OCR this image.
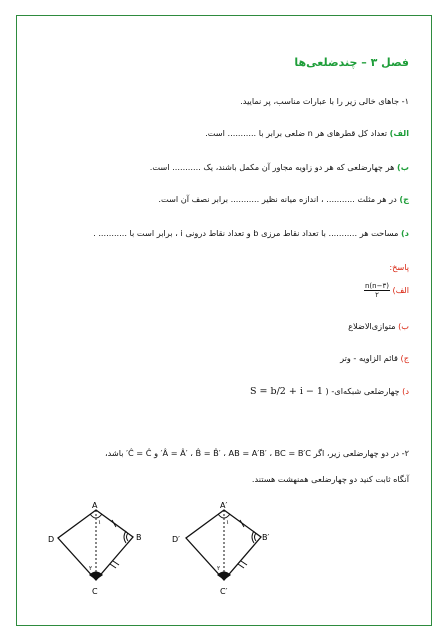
فصل ۳ – چندضلعی‌ها
۱- جاهای خالی زیر را با عبارات مناسب، پر نمایید.
الف) تعداد کل قطرهای هر n ضلعی برابر با ........... است.
ب) هر چهارضلعی که هر دو زاویه مجاور آن مکمل باشند، یک ........... است.
ج) در هر مثلث ........... ، اندازه میانه نظیر ........... برابر نصف آن است.
د) مساحت هر ........... با تعداد نقاط مرزی b و تعداد نقاط درونی i ، برابر است با ........... .
پاسخ:
الف)
$\frac{n(n-۳)}{۲}$
ب) متوازی‌الاضلاع
ج) قائم الزاویه - وتر
د) چهارضلعی شبکه‌ای- ( S = b/2 + i − 1
۲- در دو چهارضلعی زیر، اگر Â = Â′ ، B̂ = B̂′ ، AB = A′B′ ، BC = B′C′ و Ĉ = Ĉ′ باشد،
آنگاه ثابت کنید دو چهارضلعی همنهشت هستند.
A
B
C
D
۱
۲
A′
B′
C′
D′
۱
۲
